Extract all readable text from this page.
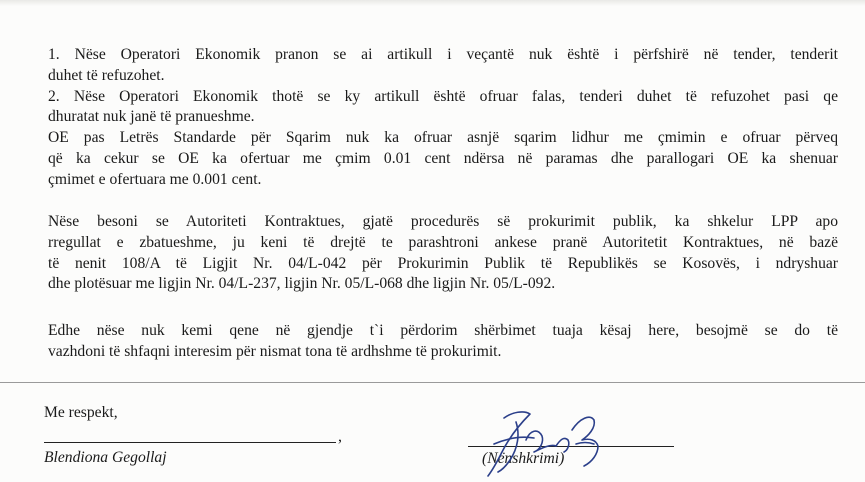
1. Nëse Operatori Ekonomik pranon se ai artikull i veçantë nuk është i përfshirë në tender, tenderit
duhet të refuzohet.
2. Nëse Operatori Ekonomik thotë se ky artikull është ofruar falas, tenderi duhet të refuzohet pasi qe
dhuratat nuk janë të pranueshme.
OE pas Letrës Standarde për Sqarim nuk ka ofruar asnjë sqarim lidhur me çmimin e ofruar përveq
që ka cekur se OE ka ofertuar me çmim 0.01 cent ndërsa në paramas dhe parallogari OE ka shenuar
çmimet e ofertuara me 0.001 cent.
Nëse besoni se Autoriteti Kontraktues, gjatë procedurës së prokurimit publik, ka shkelur LPP apo
rregullat e zbatueshme, ju keni të drejtë te parashtroni ankese pranë Autoritetit Kontraktues, në bazë
të nenit 108/A të Ligjit Nr. 04/L-042 për Prokurimin Publik të Republikës se Kosovës, i ndryshuar
dhe plotësuar me ligjin Nr. 04/L-237, ligjin Nr. 05/L-068 dhe ligjin Nr. 05/L-092.
Edhe nëse nuk kemi qene në gjendje t`i përdorim shërbimet tuaja kësaj here, besojmë se do të
vazhdoni të shfaqni interesim për nismat tona të ardhshme të prokurimit.

Me respekt,

,

Blendiona Gegollaj	(Nënshkrimi)
